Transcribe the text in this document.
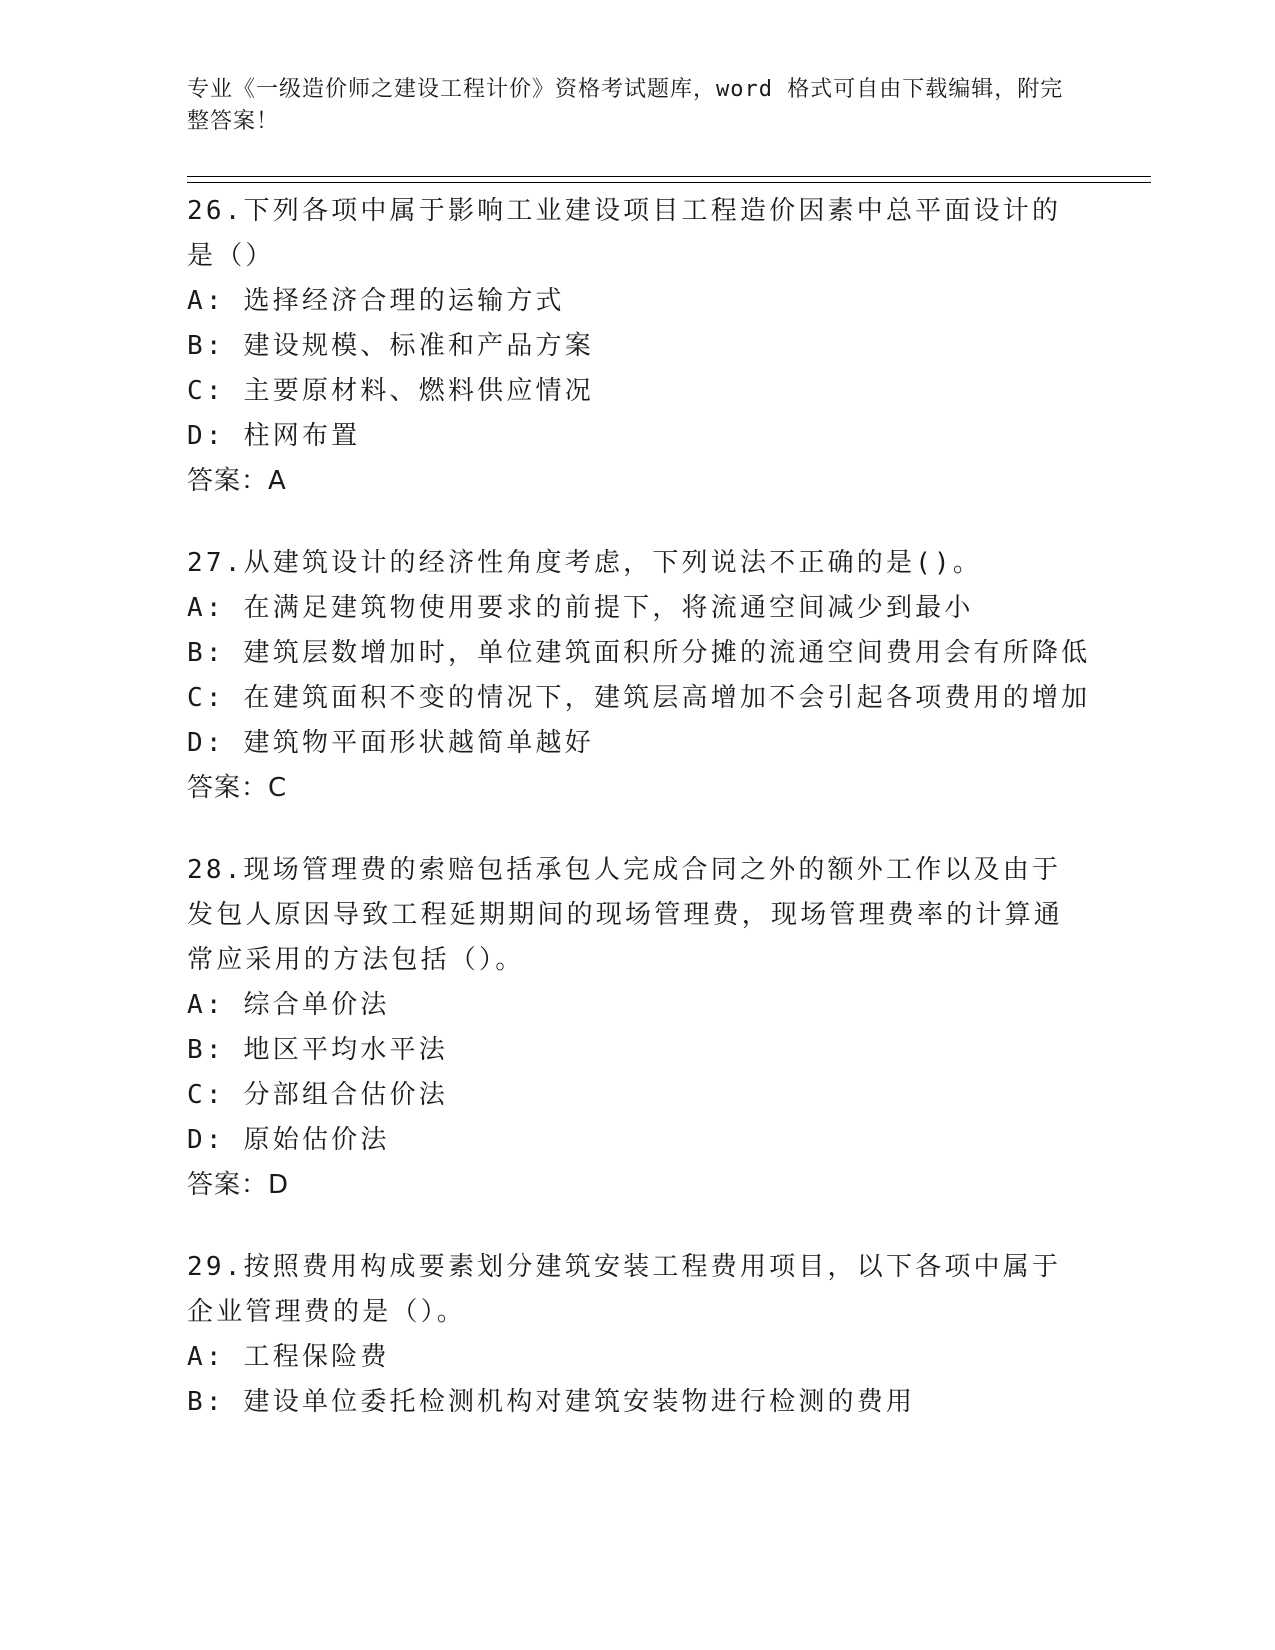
专业《一级造价师之建设工程计价》资格考试题库，word 格式可自由下载编辑，附完整答案！
26.下列各项中属于影响工业建设项目工程造价因素中总平面设计的是（）
A: 选择经济合理的运输方式
B: 建设规模、标准和产品方案
C: 主要原材料、燃料供应情况
D: 柱网布置
答案：A
27.从建筑设计的经济性角度考虑，下列说法不正确的是()。
A: 在满足建筑物使用要求的前提下，将流通空间减少到最小
B: 建筑层数增加时，单位建筑面积所分摊的流通空间费用会有所降低
C: 在建筑面积不变的情况下，建筑层高增加不会引起各项费用的增加
D: 建筑物平面形状越简单越好
答案：C
28.现场管理费的索赔包括承包人完成合同之外的额外工作以及由于发包人原因导致工程延期期间的现场管理费，现场管理费率的计算通常应采用的方法包括（）。
A: 综合单价法
B: 地区平均水平法
C: 分部组合估价法
D: 原始估价法
答案：D
29.按照费用构成要素划分建筑安装工程费用项目，以下各项中属于企业管理费的是（）。
A: 工程保险费
B: 建设单位委托检测机构对建筑安装物进行检测的费用
